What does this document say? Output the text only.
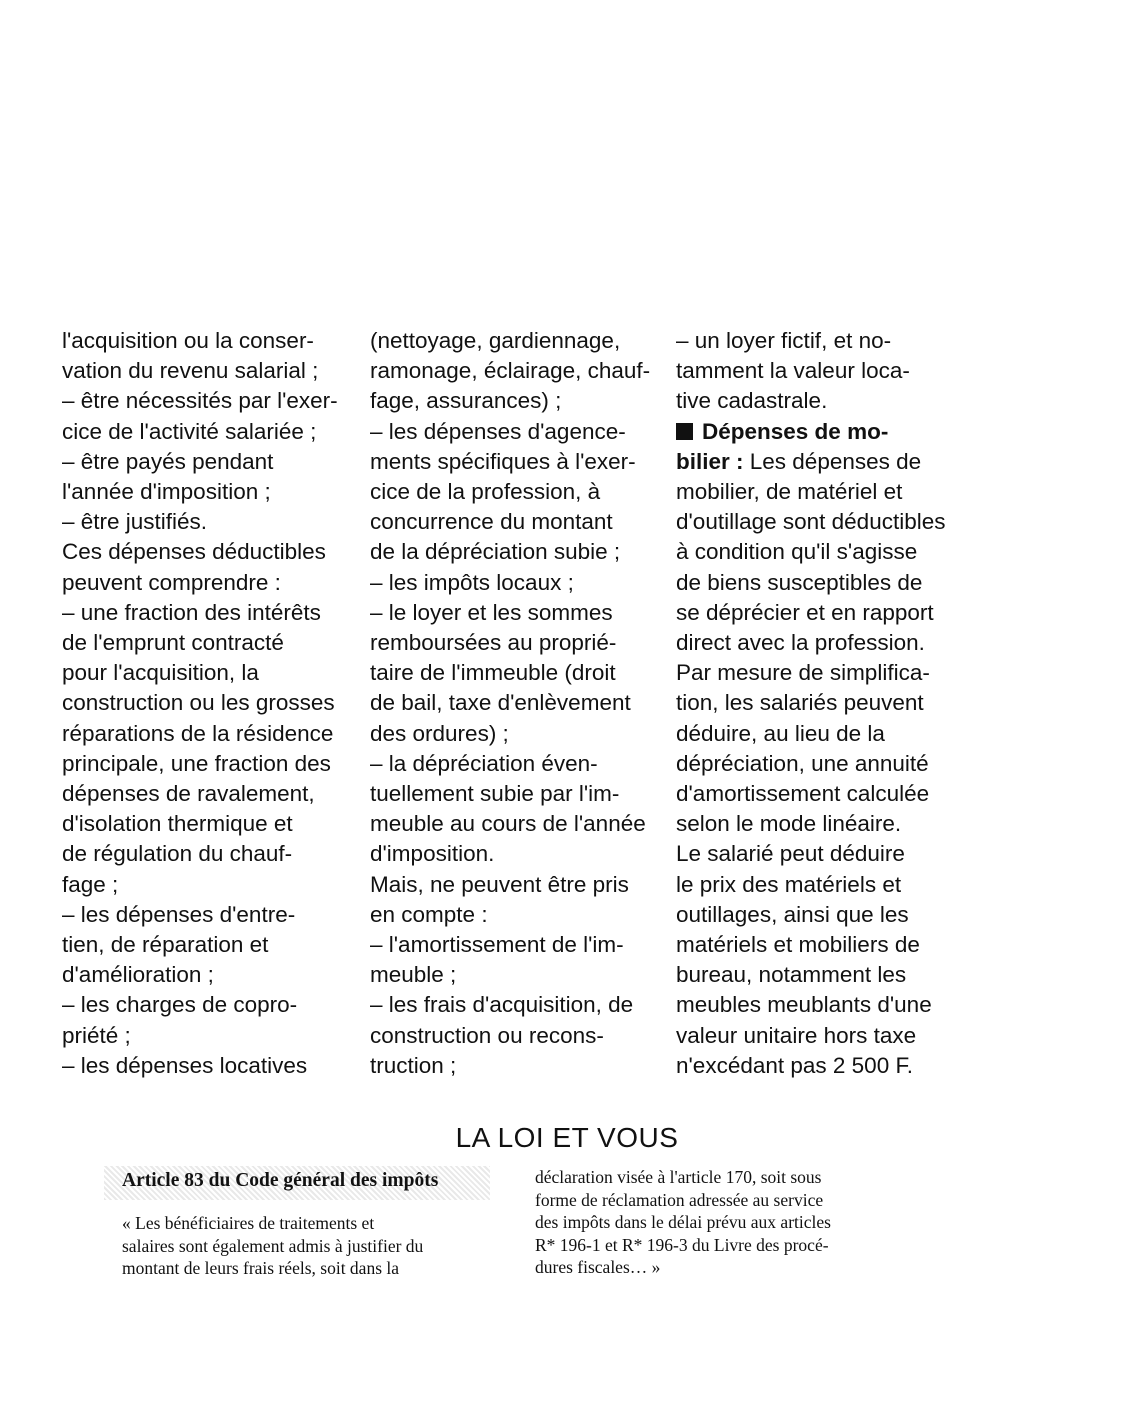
l'acquisition ou la conser-
vation du revenu salarial ;
– être nécessités par l'exer-
cice de l'activité salariée ;
– être payés pendant
l'année d'imposition ;
– être justifiés.
Ces dépenses déductibles
peuvent comprendre :
– une fraction des intérêts
de l'emprunt contracté
pour l'acquisition, la
construction ou les grosses
réparations de la résidence
principale, une fraction des
dépenses de ravalement,
d'isolation thermique et
de régulation du chauf-
fage ;
– les dépenses d'entre-
tien, de réparation et
d'amélioration ;
– les charges de copro-
priété ;
– les dépenses locatives
(nettoyage, gardiennage,
ramonage, éclairage, chauf-
fage, assurances) ;
– les dépenses d'agence-
ments spécifiques à l'exer-
cice de la profession, à
concurrence du montant
de la dépréciation subie ;
– les impôts locaux ;
– le loyer et les sommes
remboursées au proprié-
taire de l'immeuble (droit
de bail, taxe d'enlèvement
des ordures) ;
– la dépréciation éven-
tuellement subie par l'im-
meuble au cours de l'année
d'imposition.
Mais, ne peuvent être pris
en compte :
– l'amortissement de l'im-
meuble ;
– les frais d'acquisition, de
construction ou recons-
truction ;
– un loyer fictif, et no-
tamment la valeur loca-
tive cadastrale.
Dépenses de mo-
bilier : Les dépenses de
mobilier, de matériel et
d'outillage sont déductibles
à condition qu'il s'agisse
de biens susceptibles de
se déprécier et en rapport
direct avec la profession.
Par mesure de simplifica-
tion, les salariés peuvent
déduire, au lieu de la
dépréciation, une annuité
d'amortissement calculée
selon le mode linéaire.
Le salarié peut déduire
le prix des matériels et
outillages, ainsi que les
matériels et mobiliers de
bureau, notamment les
meubles meublants d'une
valeur unitaire hors taxe
n'excédant pas 2 500 F.
LA LOI ET VOUS
Article 83 du Code général des impôts
« Les bénéficiaires de traitements et
salaires sont également admis à justifier du
montant de leurs frais réels, soit dans la
déclaration visée à l'article 170, soit sous
forme de réclamation adressée au service
des impôts dans le délai prévu aux articles
R* 196-1 et R* 196-3 du Livre des procé-
dures fiscales… »
